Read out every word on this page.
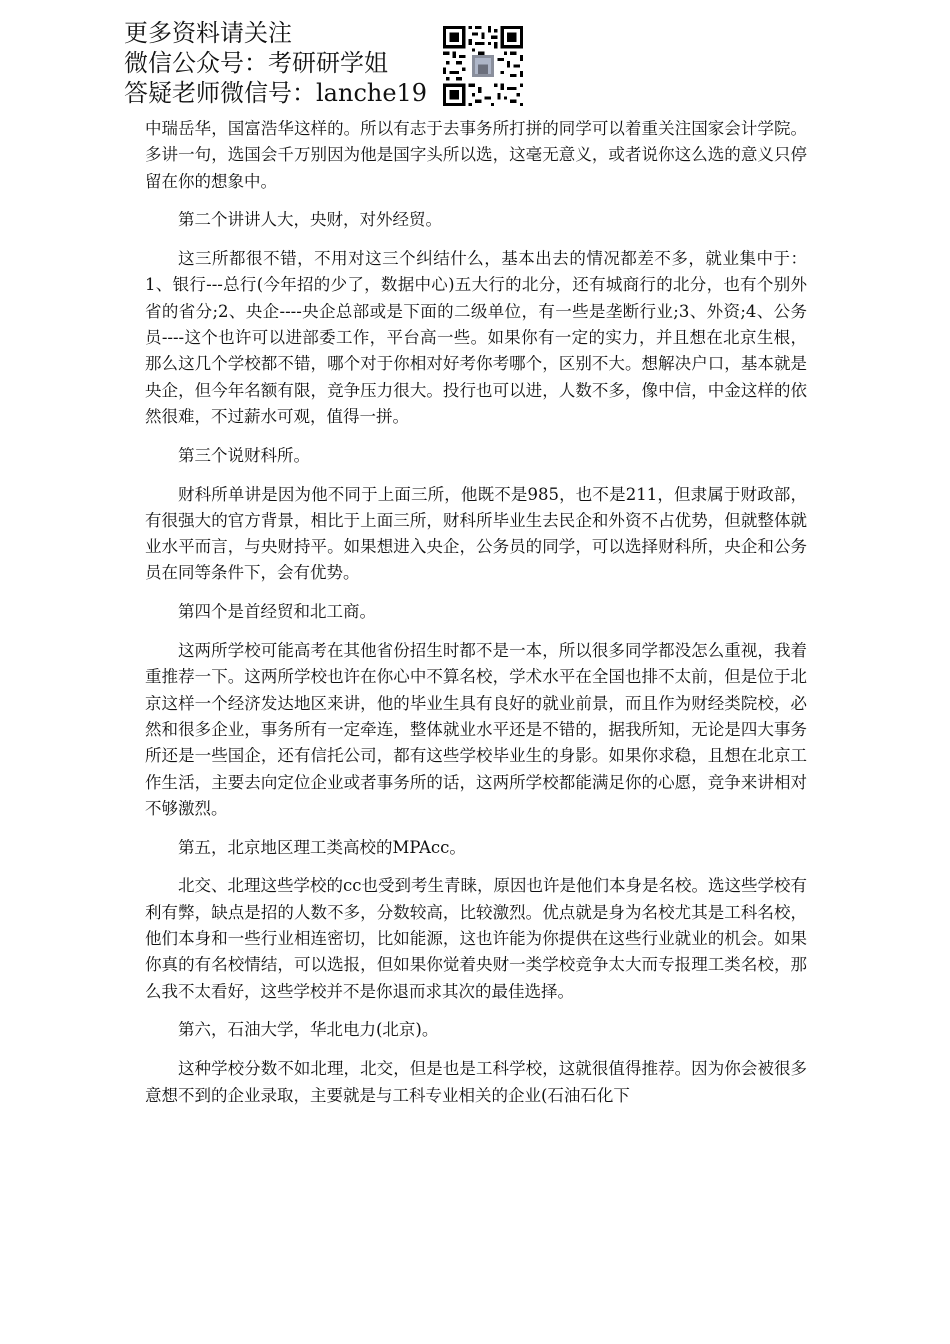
更多资料请关注
微信公众号：考研研学姐
答疑老师微信号：lanche19

中瑞岳华，国富浩华这样的。所以有志于去事务所打拼的同学可以着重关注国家会计学院。多讲一句，选国会千万别因为他是国字头所以选，这毫无意义，或者说你这么选的意义只停留在你的想象中。

第二个讲讲人大，央财，对外经贸。

这三所都很不错，不用对这三个纠结什么，基本出去的情况都差不多，就业集中于：1、银行---总行(今年招的少了，数据中心)五大行的北分，还有城商行的北分，也有个别外省的省分;2、央企----央企总部或是下面的二级单位，有一些是垄断行业;3、外资;4、公务员----这个也许可以进部委工作，平台高一些。如果你有一定的实力，并且想在北京生根，那么这几个学校都不错，哪个对于你相对好考你考哪个，区别不大。想解决户口，基本就是央企，但今年名额有限，竞争压力很大。投行也可以进，人数不多，像中信，中金这样的依然很难，不过薪水可观，值得一拼。

第三个说财科所。

财科所单讲是因为他不同于上面三所，他既不是985，也不是211，但隶属于财政部，有很强大的官方背景，相比于上面三所，财科所毕业生去民企和外资不占优势，但就整体就业水平而言，与央财持平。如果想进入央企，公务员的同学，可以选择财科所，央企和公务员在同等条件下，会有优势。

第四个是首经贸和北工商。

这两所学校可能高考在其他省份招生时都不是一本，所以很多同学都没怎么重视，我着重推荐一下。这两所学校也许在你心中不算名校，学术水平在全国也排不太前，但是位于北京这样一个经济发达地区来讲，他的毕业生具有良好的就业前景，而且作为财经类院校，必然和很多企业，事务所有一定牵连，整体就业水平还是不错的，据我所知，无论是四大事务所还是一些国企，还有信托公司，都有这些学校毕业生的身影。如果你求稳，且想在北京工作生活，主要去向定位企业或者事务所的话，这两所学校都能满足你的心愿，竞争来讲相对不够激烈。

第五，北京地区理工类高校的MPAcc。

北交、北理这些学校的cc也受到考生青睐，原因也许是他们本身是名校。选这些学校有利有弊，缺点是招的人数不多，分数较高，比较激烈。优点就是身为名校尤其是工科名校，他们本身和一些行业相连密切，比如能源，这也许能为你提供在这些行业就业的机会。如果你真的有名校情结，可以选报，但如果你觉着央财一类学校竞争太大而专报理工类名校，那么我不太看好，这些学校并不是你退而求其次的最佳选择。

第六，石油大学，华北电力(北京)。

这种学校分数不如北理，北交，但是也是工科学校，这就很值得推荐。因为你会被很多意想不到的企业录取，主要就是与工科专业相关的企业(石油石化下
